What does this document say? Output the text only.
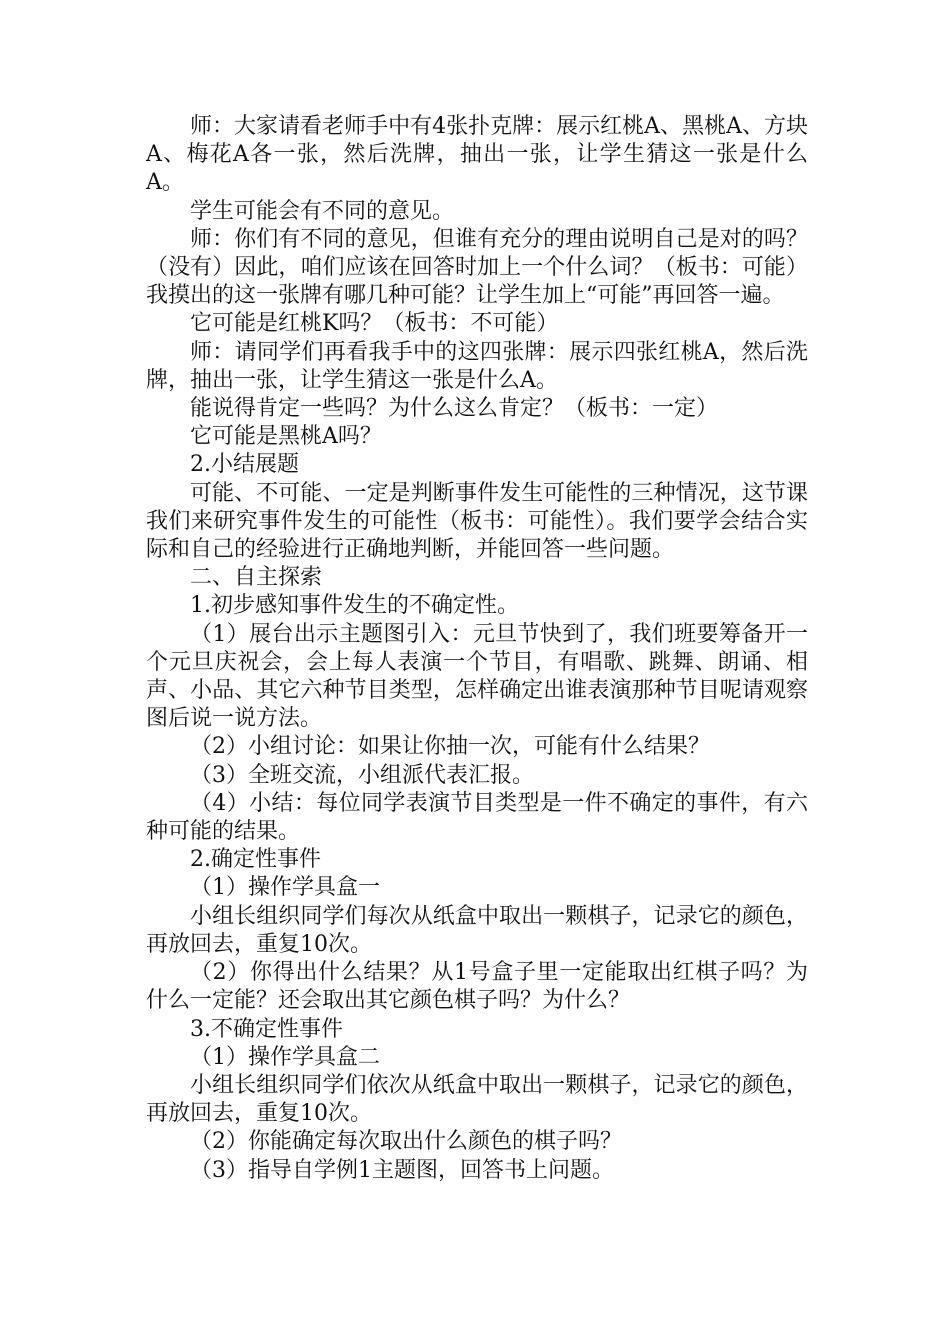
师：大家请看老师手中有4张扑克牌：展示红桃A、黑桃A、方块A、梅花A各一张，然后洗牌，抽出一张，让学生猜这一张是什么A。

学生可能会有不同的意见。

师：你们有不同的意见，但谁有充分的理由说明自己是对的吗？（没有）因此，咱们应该在回答时加上一个什么词？（板书：可能）我摸出的这一张牌有哪几种可能？让学生加上“可能”再回答一遍。

它可能是红桃K吗？（板书：不可能）

师：请同学们再看我手中的这四张牌：展示四张红桃A，然后洗牌，抽出一张，让学生猜这一张是什么A。

能说得肯定一些吗？为什么这么肯定？（板书：一定）

它可能是黑桃A吗？

2.小结展题

可能、不可能、一定是判断事件发生可能性的三种情况，这节课我们来研究事件发生的可能性（板书：可能性）。我们要学会结合实际和自己的经验进行正确地判断，并能回答一些问题。

二、自主探索

1.初步感知事件发生的不确定性。

（1）展台出示主题图引入：元旦节快到了，我们班要筹备开一个元旦庆祝会，会上每人表演一个节目，有唱歌、跳舞、朗诵、相声、小品、其它六种节目类型，怎样确定出谁表演那种节目呢请观察图后说一说方法。

（2）小组讨论：如果让你抽一次，可能有什么结果？

（3）全班交流，小组派代表汇报。

（4）小结：每位同学表演节目类型是一件不确定的事件，有六种可能的结果。

2.确定性事件

（1）操作学具盒一

小组长组织同学们每次从纸盒中取出一颗棋子，记录它的颜色，再放回去，重复10次。

（2）你得出什么结果？从1号盒子里一定能取出红棋子吗？为什么一定能？还会取出其它颜色棋子吗？为什么？

3.不确定性事件

（1）操作学具盒二

小组长组织同学们依次从纸盒中取出一颗棋子，记录它的颜色，再放回去，重复10次。

（2）你能确定每次取出什么颜色的棋子吗？

（3）指导自学例1主题图，回答书上问题。
